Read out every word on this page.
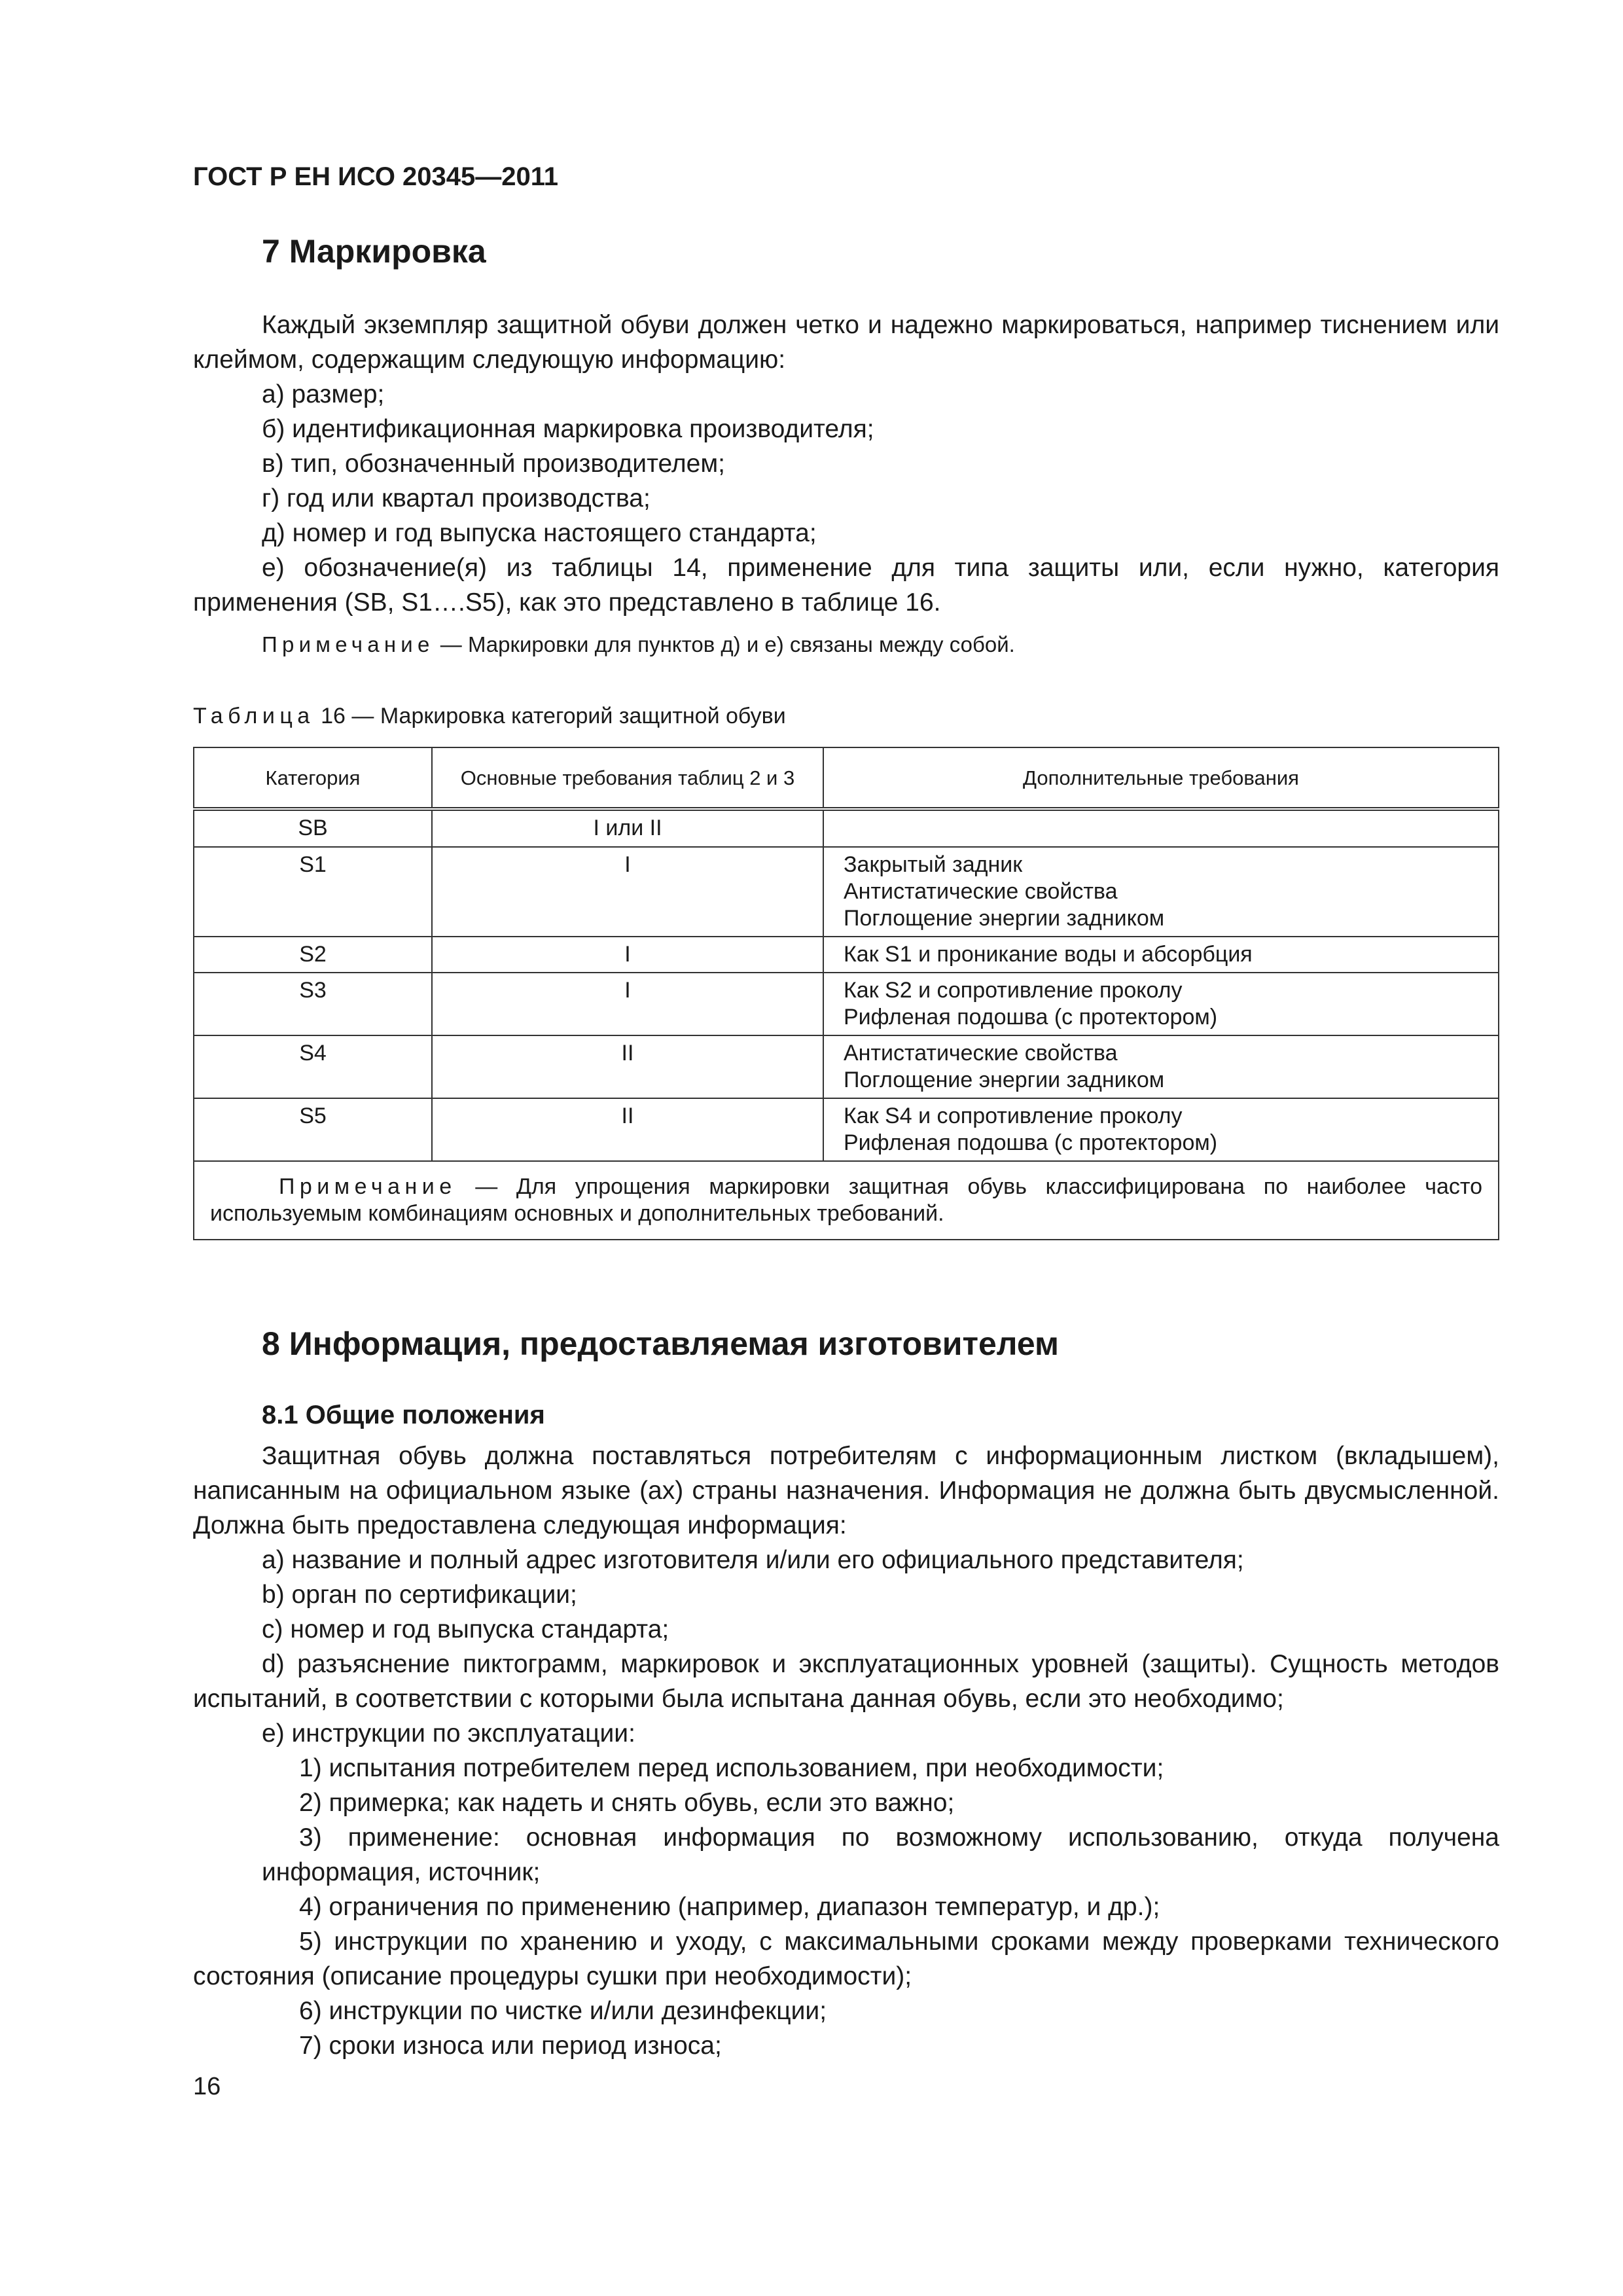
ГОСТ Р ЕН ИСО 20345—2011
7 Маркировка

Каждый экземпляр защитной обуви должен четко и надежно маркироваться, например тиснением или клеймом, содержащим следующую информацию:

а) размер;

б) идентификационная маркировка производителя;

в) тип, обозначенный производителем;

г) год или квартал производства;

д) номер и год выпуска настоящего стандарта;

е) обозначение(я) из таблицы 14, применение для типа защиты или, если нужно, категория применения (SB, S1….S5), как это представлено в таблице 16.

Примечание — Маркировки для пунктов д) и е) связаны между собой.

Таблица 16 — Маркировка категорий защитной обуви
Категория	Основные требования таблиц 2 и 3	Дополнительные требования
SB	I или II	
S1	I	Закрытый задник
Антистатические свойства
Поглощение энергии задником

S2	I	Как S1 и проникание воды и абсорбция

S3	I	Как S2 и сопротивление проколу
Рифленая подошва (с протектором)

S4	II	Антистатические свойства
Поглощение энергии задником

S5	II	Как S4 и сопротивление проколу
Рифленая подошва (с протектором)

Примечание — Для упрощения маркировки защитная обувь классифицирована по наиболее часто используемым комбинациям основных и дополнительных требований.		
8 Информация, предоставляемая изготовителем
8.1 Общие положения

Защитная обувь должна поставляться потребителям с информационным листком (вкладышем), написанным на официальном языке (ах) страны назначения. Информация не должна быть двусмысленной. Должна быть предоставлена следующая информация:

а) название и полный адрес изготовителя и/или его официального представителя;

b) орган по сертификации;

с) номер и год выпуска стандарта;

d) разъяснение пиктограмм, маркировок и эксплуатационных уровней (защиты). Сущность методов испытаний, в соответствии с которыми была испытана данная обувь, если это необходимо;

е) инструкции по эксплуатации:

1) испытания потребителем перед использованием, при необходимости;

2) примерка; как надеть и снять обувь, если это важно;

3) применение: основная информация по возможному использованию, откуда получена информация, источник;

4) ограничения по применению (например, диапазон температур, и др.);

5) инструкции по хранению и уходу, с максимальными сроками между проверками технического состояния (описание процедуры сушки при необходимости);

6) инструкции по чистке и/или дезинфекции;

7) сроки износа или период износа;

16
